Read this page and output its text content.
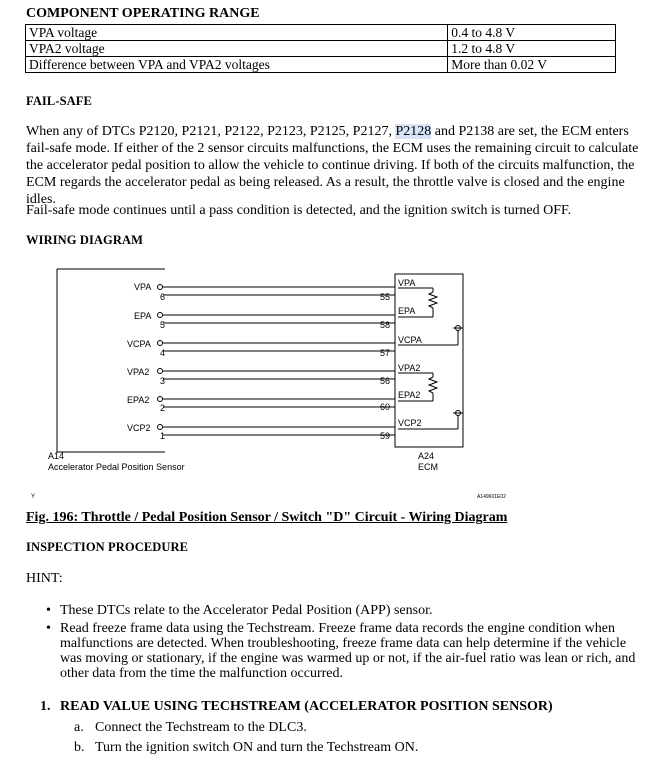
COMPONENT OPERATING RANGE
VPA voltage	0.4 to 4.8 V
VPA2 voltage	1.2 to 4.8 V
Difference between VPA and VPA2 voltages	More than 0.02 V
FAIL-SAFE
When any of DTCs P2120, P2121, P2122, P2123, P2125, P2127, P2128 and P2138 are set, the ECM enters fail-safe mode. If either of the 2 sensor circuits malfunctions, the ECM uses the remaining circuit to calculate the accelerator pedal position to allow the vehicle to continue driving. If both of the circuits malfunction, the ECM regards the accelerator pedal as being released. As a result, the throttle valve is closed and the engine idles.
Fail-safe mode continues until a pass condition is detected, and the ignition switch is turned OFF.
WIRING DIAGRAM
VPA
6	55
VPA
EPA
5	58
EPA
VCPA
4	57
VCPA
VPA2
3	56
VPA2
EPA2
2	60
EPA2
VCP2
1	59
VCP2
A14
Accelerator Pedal Position Sensor
A24
ECM
Y	A149601E02
Fig. 196: Throttle / Pedal Position Sensor / Switch "D" Circuit - Wiring Diagram
INSPECTION PROCEDURE
HINT:
• These DTCs relate to the Accelerator Pedal Position (APP) sensor.
• Read freeze frame data using the Techstream. Freeze frame data records the engine condition when malfunctions are detected. When troubleshooting, freeze frame data can help determine if the vehicle was moving or stationary, if the engine was warmed up or not, if the air-fuel ratio was lean or rich, and other data from the time the malfunction occurred.
1. READ VALUE USING TECHSTREAM (ACCELERATOR POSITION SENSOR)
a. Connect the Techstream to the DLC3.
b. Turn the ignition switch ON and turn the Techstream ON.
